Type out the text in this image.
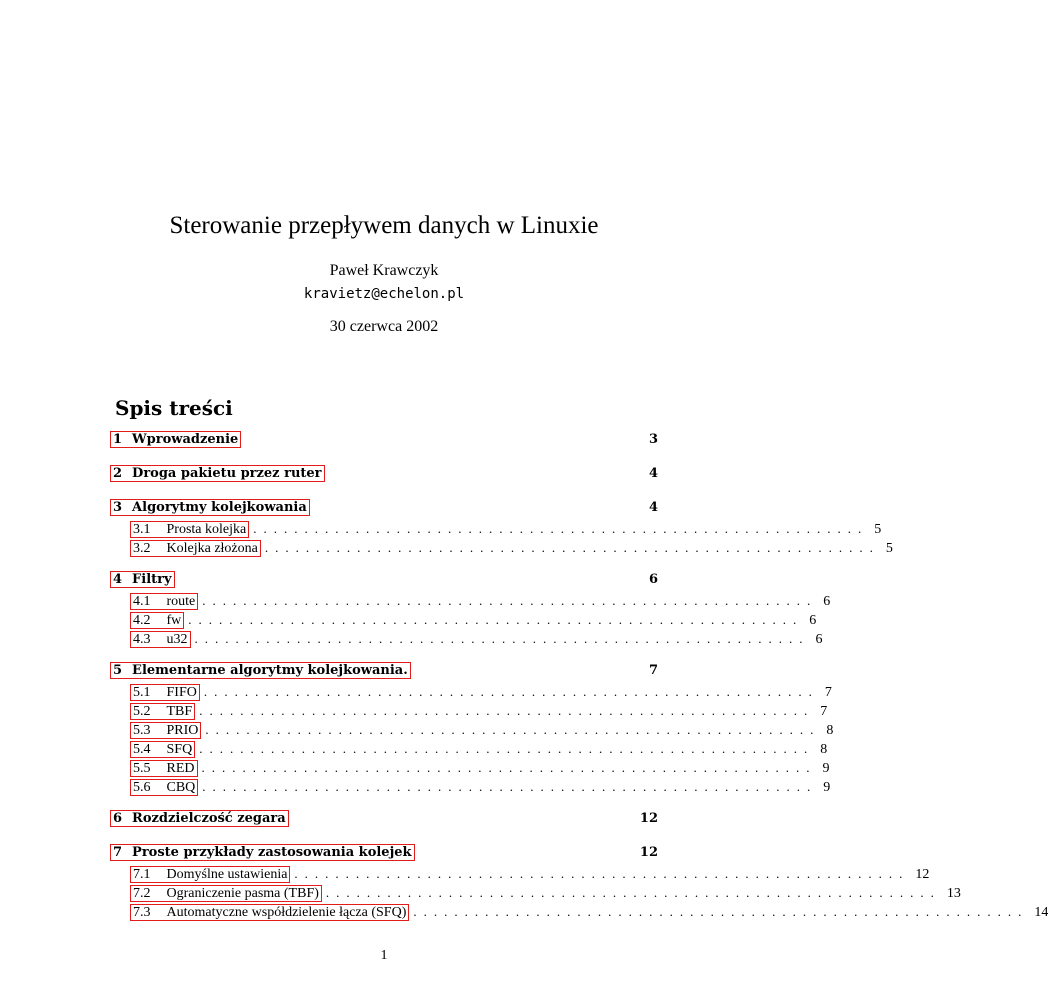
Sterowanie przepływem danych w Linuxie
Paweł Krawczyk
kravietz@echelon.pl
30 czerwca 2002
Spis treści
1 Wprowadzenie	3
2 Droga pakietu przez ruter	4
3 Algorytmy kolejkowania	4
3.1 Prosta kolejka ............................................................ 5
3.2 Kolejka złożona ............................................................ 5
4 Filtry	6
4.1 route ............................................................ 6
4.2 fw ............................................................ 6
4.3 u32 ............................................................ 6
5 Elementarne algorytmy kolejkowania.	7
5.1 FIFO ............................................................ 7
5.2 TBF ............................................................ 7
5.3 PRIO ............................................................ 8
5.4 SFQ ............................................................ 8
5.5 RED ............................................................ 9
5.6 CBQ ............................................................ 9
6 Rozdzielczość zegara	12
7 Proste przykłady zastosowania kolejek	12
7.1 Domyślne ustawienia ............................................................ 12
7.2 Ograniczenie pasma (TBF) ............................................................ 13
7.3 Automatyczne współdzielenie łącza (SFQ) ............................................................ 14
1
